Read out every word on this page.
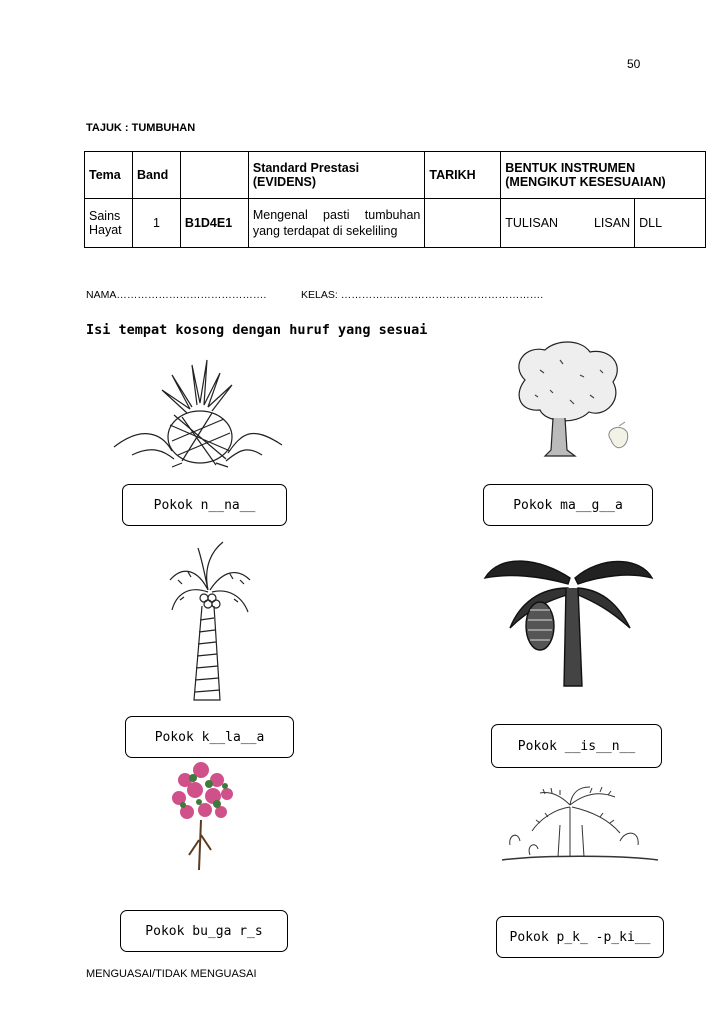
50
TAJUK : TUMBUHAN
Tema	Band		Standard Prestasi (EVIDENS)	TARIKH	BENTUK INSTRUMEN (MENGIKUT KESESUAIAN)		
Sains Hayat	1	B1D4E1	Mengenal pasti tumbuhan yang terdapat di sekeliling		TULISAN	LISAN	DLL
NAMA…………………………………….	KELAS: ………………………………………………….
Isi tempat kosong dengan huruf yang sesuai
Pokok n__na__	Pokok ma__g__a
Pokok k__la__a
Pokok __is__n__
Pokok bu_ga r_s	Pokok p_k_ -p_ki__
MENGUASAI/TIDAK MENGUASAI
